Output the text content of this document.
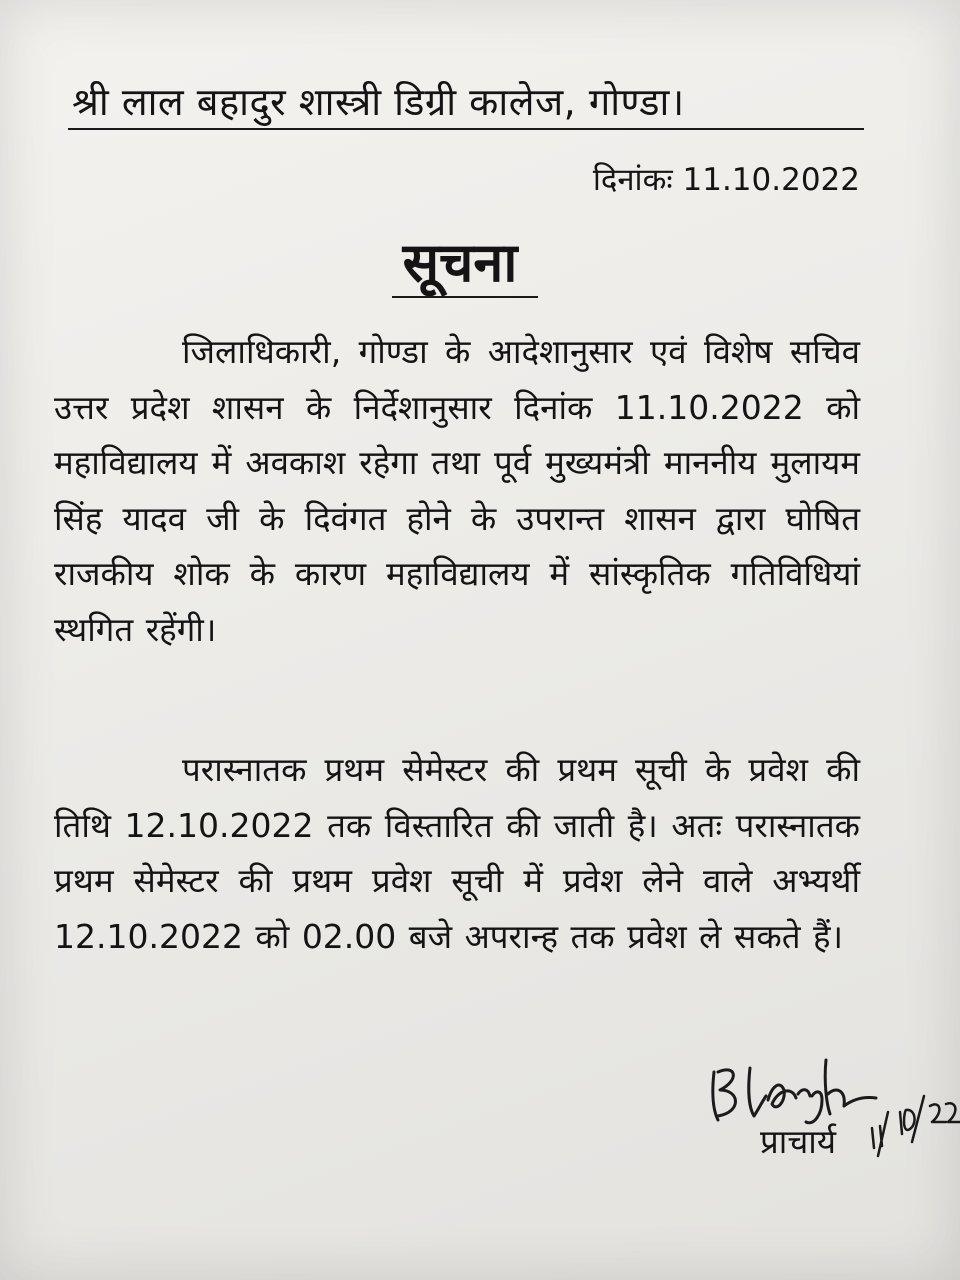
श्री लाल बहादुर शास्त्री डिग्री कालेज, गोण्डा।
दिनांकः 11.10.2022
सूचना

जिलाधिकारी, गोण्डा के आदेशानुसार एवं विशेष सचिव उत्तर प्रदेश शासन के निर्देशानुसार दिनांक 11.10.2022 को महाविद्यालय में अवकाश रहेगा तथा पूर्व मुख्यमंत्री माननीय मुलायम सिंह यादव जी के दिवंगत होने के उपरान्त शासन द्वारा घोषित राजकीय शोक के कारण महाविद्यालय में सांस्कृतिक गतिविधियां स्थगित रहेंगी।

परास्नातक प्रथम सेमेस्टर की प्रथम सूची के प्रवेश की तिथि 12.10.2022 तक विस्तारित की जाती है। अतः परास्नातक प्रथम सेमेस्टर की प्रथम प्रवेश सूची में प्रवेश लेने वाले अभ्यर्थी 12.10.2022 को 02.00 बजे अपरान्ह तक प्रवेश ले सकते हैं।

प्राचार्य
